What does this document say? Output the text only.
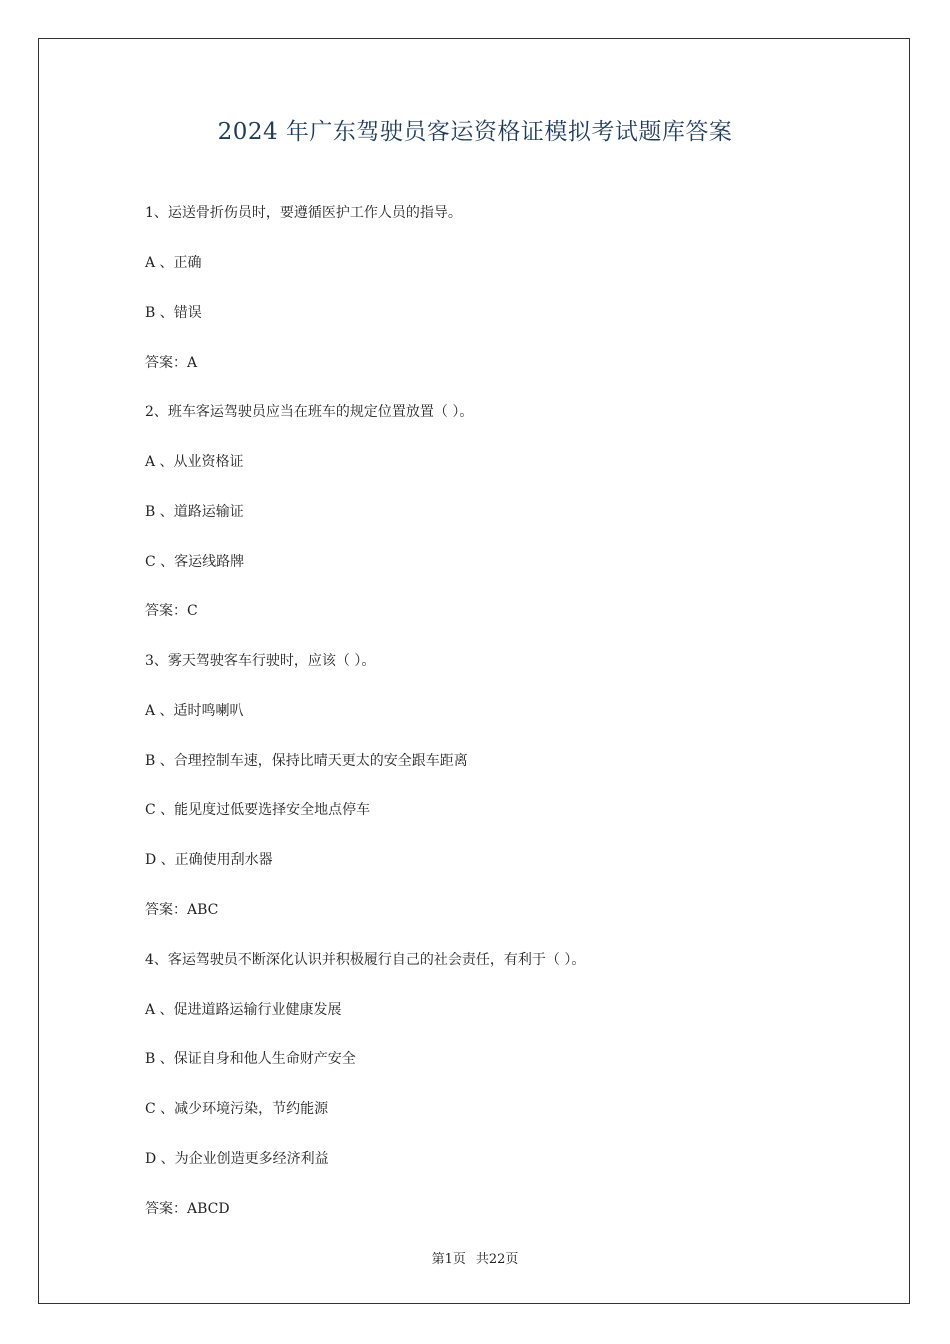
2024 年广东驾驶员客运资格证模拟考试题库答案
1、运送骨折伤员时，要遵循医护工作人员的指导。
A 、正确
B 、错误
答案：A
2、班车客运驾驶员应当在班车的规定位置放置（ ）。
A 、从业资格证
B 、道路运输证
C 、客运线路牌
答案：C
3、雾天驾驶客车行驶时，应该（ ）。
A 、适时鸣喇叭
B 、合理控制车速，保持比晴天更太的安全跟车距离
C 、能见度过低要选择安全地点停车
D 、正确使用刮水器
答案：ABC
4、客运驾驶员不断深化认识并积极履行自己的社会责任，有利于（ ）。
A 、促进道路运输行业健康发展
B 、保证自身和他人生命财产安全
C 、减少环境污染，节约能源
D 、为企业创造更多经济利益
答案：ABCD
第1页 共22页
